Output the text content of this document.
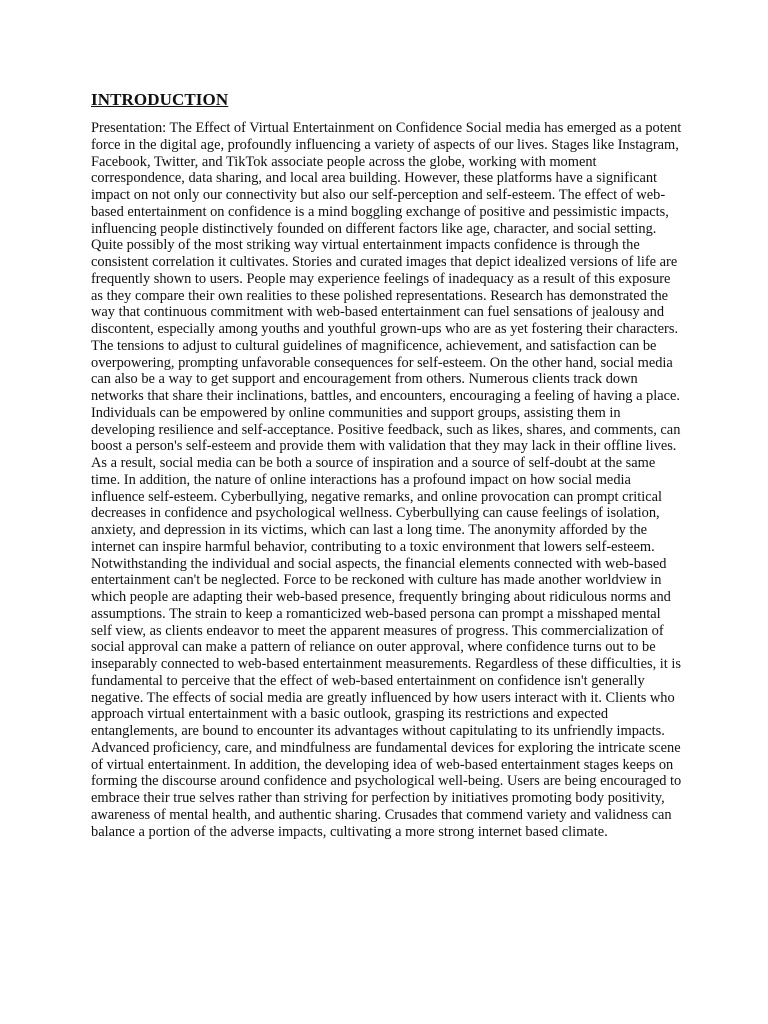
INTRODUCTION

Presentation: The Effect of Virtual Entertainment on Confidence Social media has emerged as a potent force in the digital age, profoundly influencing a variety of aspects of our lives. Stages like Instagram, Facebook, Twitter, and TikTok associate people across the globe, working with moment correspondence, data sharing, and local area building. However, these platforms have a significant impact on not only our connectivity but also our self-perception and self-esteem. The effect of web-based entertainment on confidence is a mind boggling exchange of positive and pessimistic impacts, influencing people distinctively founded on different factors like age, character, and social setting. Quite possibly of the most striking way virtual entertainment impacts confidence is through the consistent correlation it cultivates. Stories and curated images that depict idealized versions of life are frequently shown to users. People may experience feelings of inadequacy as a result of this exposure as they compare their own realities to these polished representations. Research has demonstrated the way that continuous commitment with web-based entertainment can fuel sensations of jealousy and discontent, especially among youths and youthful grown-ups who are as yet fostering their characters. The tensions to adjust to cultural guidelines of magnificence, achievement, and satisfaction can be overpowering, prompting unfavorable consequences for self-esteem. On the other hand, social media can also be a way to get support and encouragement from others. Numerous clients track down networks that share their inclinations, battles, and encounters, encouraging a feeling of having a place. Individuals can be empowered by online communities and support groups, assisting them in developing resilience and self-acceptance. Positive feedback, such as likes, shares, and comments, can boost a person's self-esteem and provide them with validation that they may lack in their offline lives. As a result, social media can be both a source of inspiration and a source of self-doubt at the same time. In addition, the nature of online interactions has a profound impact on how social media influence self-esteem. Cyberbullying, negative remarks, and online provocation can prompt critical decreases in confidence and psychological wellness. Cyberbullying can cause feelings of isolation, anxiety, and depression in its victims, which can last a long time. The anonymity afforded by the internet can inspire harmful behavior, contributing to a toxic environment that lowers self-esteem. Notwithstanding the individual and social aspects, the financial elements connected with web-based entertainment can't be neglected. Force to be reckoned with culture has made another worldview in which people are adapting their web-based presence, frequently bringing about ridiculous norms and assumptions. The strain to keep a romanticized web-based persona can prompt a misshaped mental self view, as clients endeavor to meet the apparent measures of progress. This commercialization of social approval can make a pattern of reliance on outer approval, where confidence turns out to be inseparably connected to web-based entertainment measurements. Regardless of these difficulties, it is fundamental to perceive that the effect of web-based entertainment on confidence isn't generally negative. The effects of social media are greatly influenced by how users interact with it. Clients who approach virtual entertainment with a basic outlook, grasping its restrictions and expected entanglements, are bound to encounter its advantages without capitulating to its unfriendly impacts. Advanced proficiency, care, and mindfulness are fundamental devices for exploring the intricate scene of virtual entertainment. In addition, the developing idea of web-based entertainment stages keeps on forming the discourse around confidence and psychological well-being. Users are being encouraged to embrace their true selves rather than striving for perfection by initiatives promoting body positivity, awareness of mental health, and authentic sharing. Crusades that commend variety and validness can balance a portion of the adverse impacts, cultivating a more strong internet based climate.
